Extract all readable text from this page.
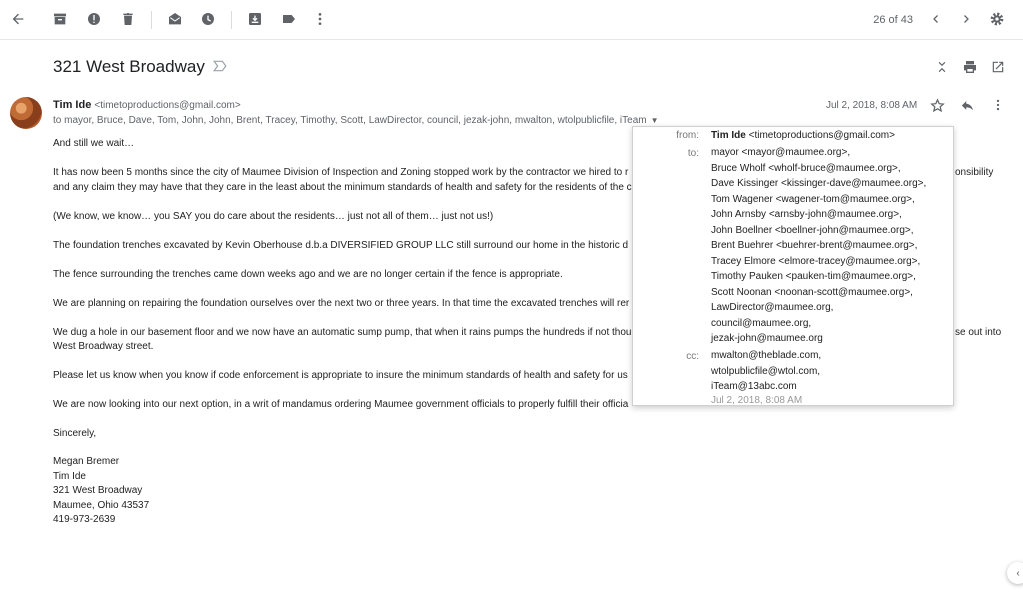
26 of 43
321 West Broadway
Tim Ide <timetoproductions@gmail.com>
to mayor, Bruce, Dave, Tom, John, John, Brent, Tracey, Timothy, Scott, LawDirector, council, jezak-john, mwalton, wtolpublicfile, iTeam ▼
Jul 2, 2018, 8:08 AM

And still we wait…

It has now been 5 months since the city of Maumee Division of Inspection and Zoning stopped work by the contractor we hired to r	onsibility

and any claim they may have that they care in the least about the minimum standards of health and safety for the residents of the c

(We know, we know… you SAY you do care about the residents… just not all of them… just not us!)

The foundation trenches excavated by Kevin Oberhouse d.b.a DIVERSIFIED GROUP LLC still surround our home in the historic d

The fence surrounding the trenches came down weeks ago and we are no longer certain if the fence is appropriate.

We are planning on repairing the foundation ourselves over the next two or three years. In that time the excavated trenches will rer

We dug a hole in our basement floor and we now have an automatic sump pump, that when it rains pumps the hundreds if not thou	se out into

West Broadway street.

Please let us know when you know if code enforcement is appropriate to insure the minimum standards of health and safety for us

We are now looking into our next option, in a writ of mandamus ordering Maumee government officials to properly fulfill their officia

Sincerely,

Megan Bremer
Tim Ide
321 West Broadway
Maumee, Ohio 43537
419-973-2639
from: Tim Ide <timetoproductions@gmail.com>
to: mayor <mayor@maumee.org>,
Bruce Wholf <wholf-bruce@maumee.org>,
Dave Kissinger <kissinger-dave@maumee.org>,
Tom Wagener <wagener-tom@maumee.org>,
John Arnsby <arnsby-john@maumee.org>,
John Boellner <boellner-john@maumee.org>,
Brent Buehrer <buehrer-brent@maumee.org>,
Tracey Elmore <elmore-tracey@maumee.org>,
Timothy Pauken <pauken-tim@maumee.org>,
Scott Noonan <noonan-scott@maumee.org>,
LawDirector@maumee.org,
council@maumee.org,
jezak-john@maumee.org
cc: mwalton@theblade.com,
wtolpublicfile@wtol.com,
iTeam@13abc.com
Jul 2, 2018, 8:08 AM
‹
